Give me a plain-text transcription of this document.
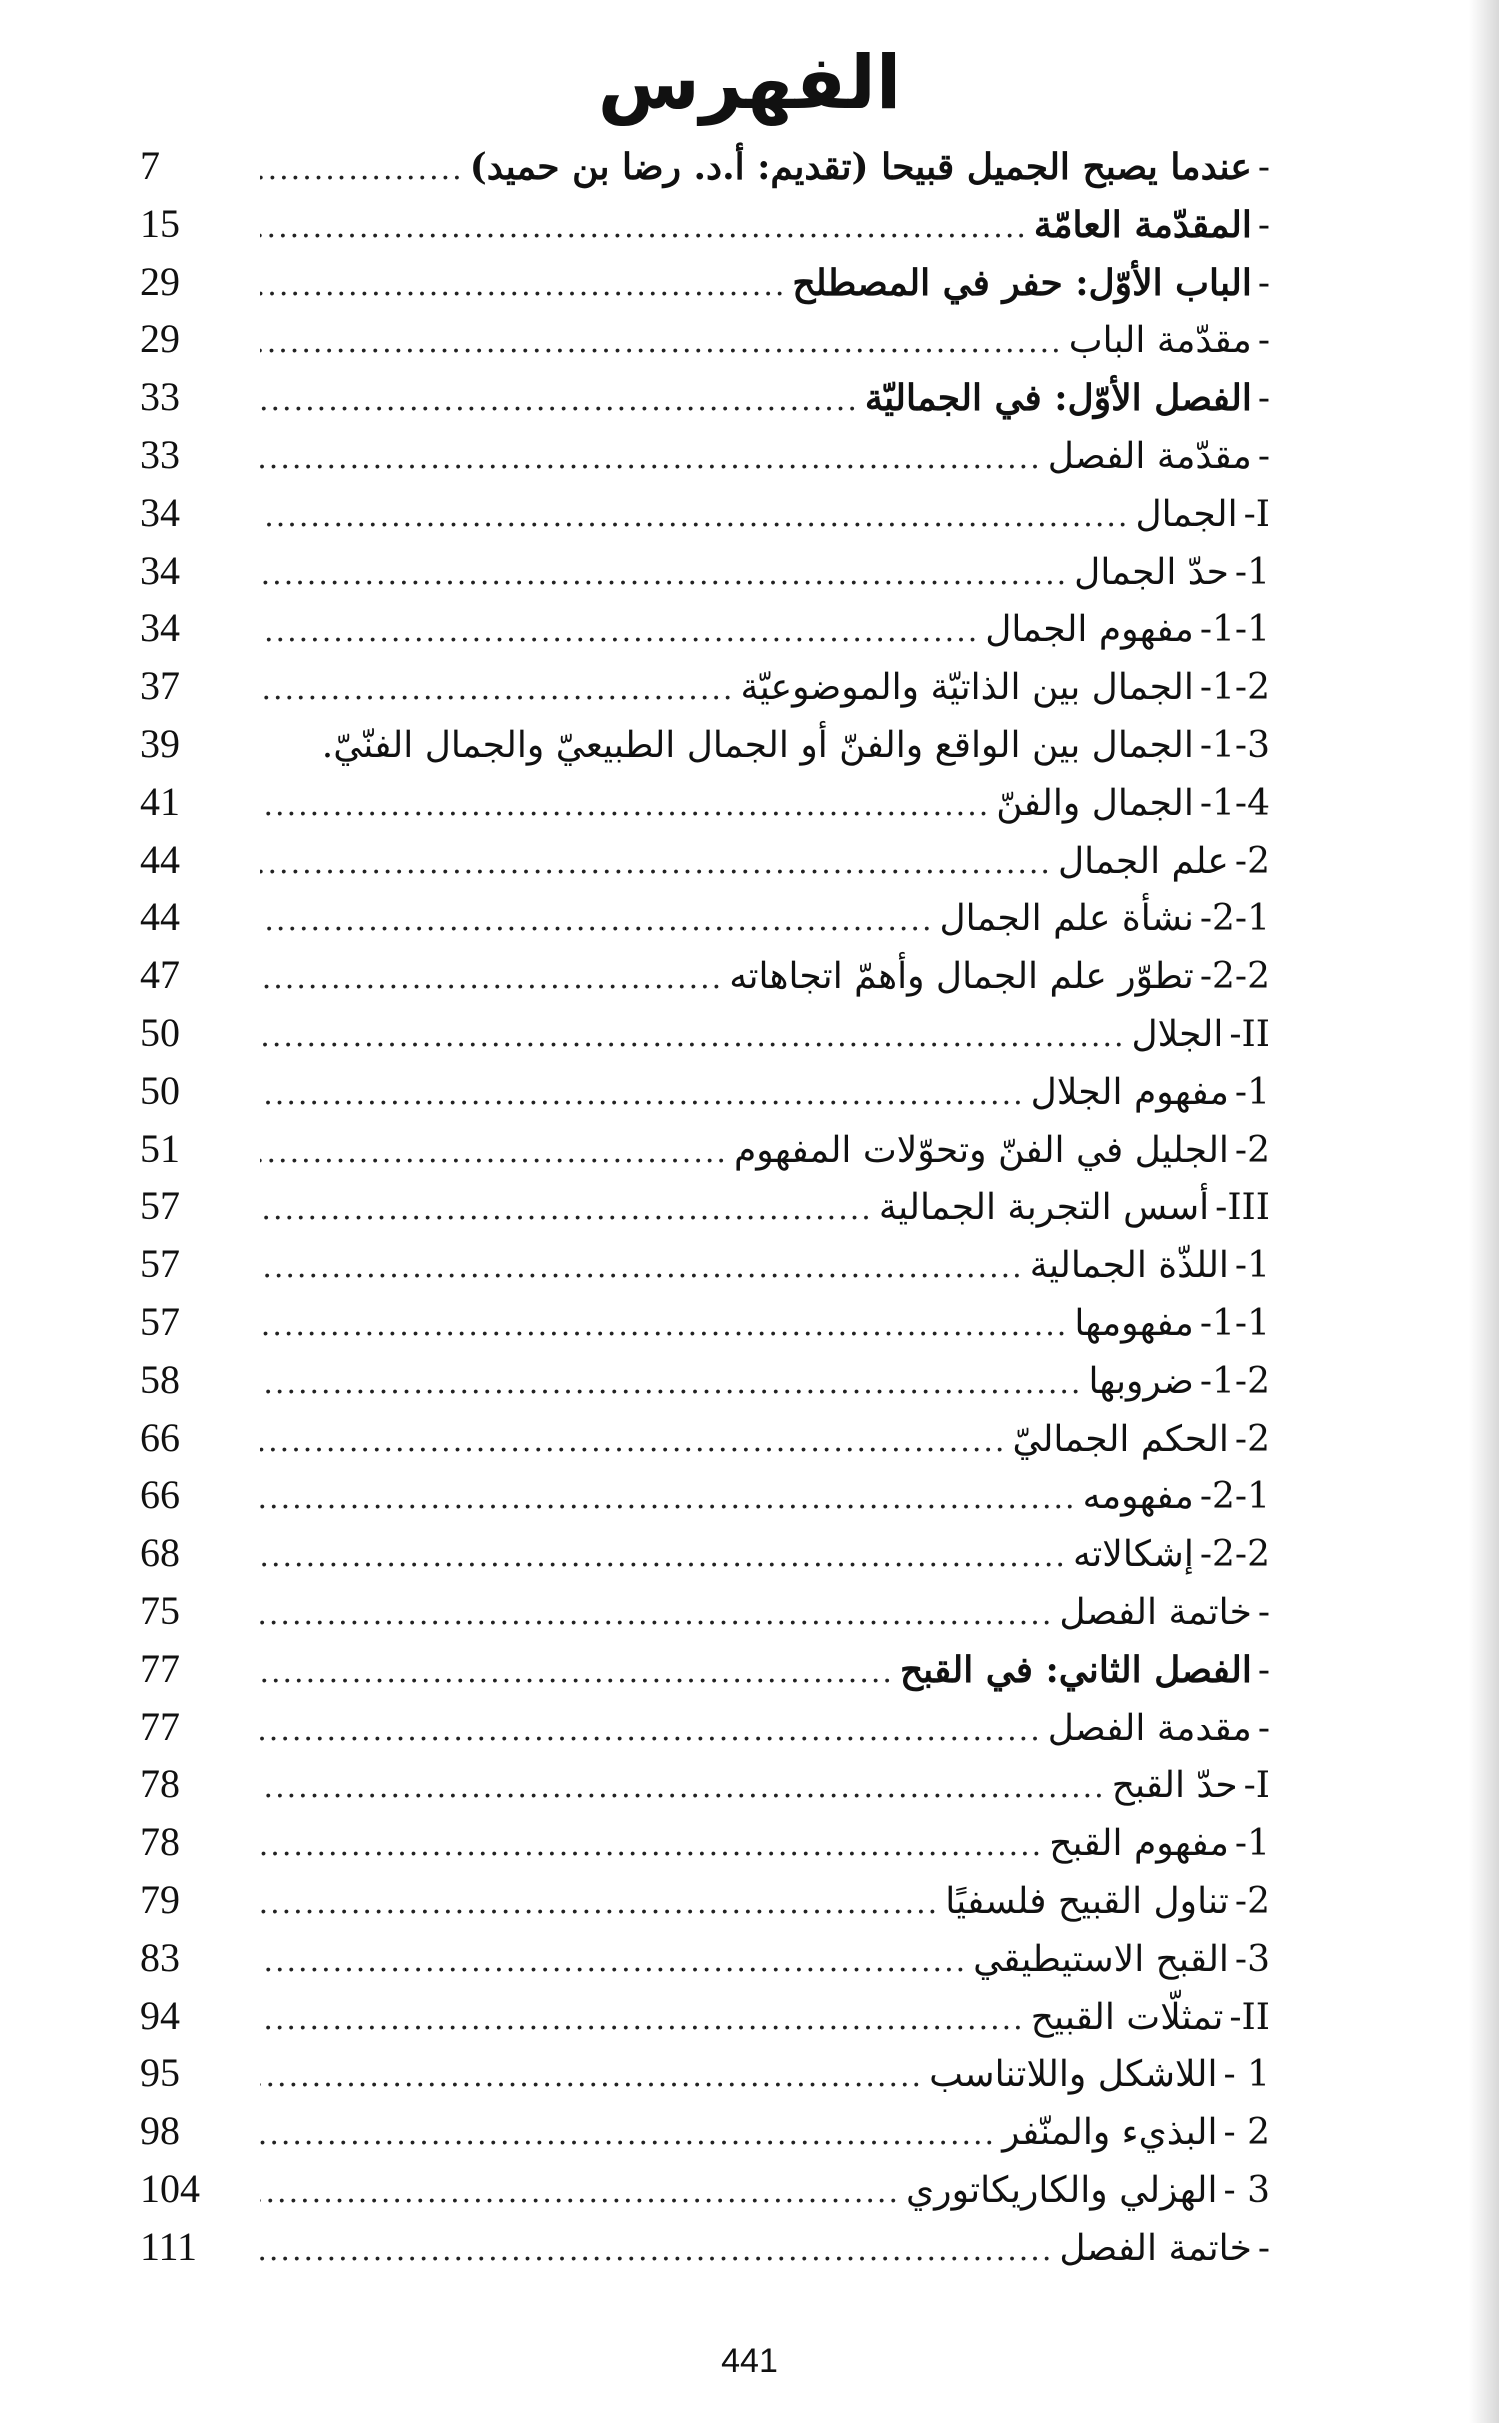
الفهرس
-
عندما يصبح الجميل قبيحا (تقديم: أ.د. رضا بن حميد)
.....
7
-
المقدّمة العامّة
.....
15
-
الباب الأوّل: حفر في المصطلح
.....
29
-
مقدّمة الباب
.....
29
-
الفصل الأوّل: في الجماليّة
.....
33
-
مقدّمة الفصل
.....
33
I-
الجمال
.....
34
1-
حدّ الجمال
.....
34
1-1-
مفهوم الجمال
.....
34
1-2-
الجمال بين الذاتيّة والموضوعيّة
.....
37
1-3-
الجمال بين الواقع والفنّ أو الجمال الطبيعيّ والجمال الفنّيّ.
39
1-4-
الجمال والفنّ
.....
41
2-
علم الجمال
.....
44
2-1-
نشأة علم الجمال
.....
44
2-2-
تطوّر علم الجمال وأهمّ اتجاهاته
.....
47
II-
الجلال
.....
50
1-
مفهوم الجلال
.....
50
2-
الجليل في الفنّ وتحوّلات المفهوم
.....
51
III-
أسس التجربة الجمالية
.....
57
1-
اللذّة الجمالية
.....
57
1-1-
مفهومها
.....
57
1-2-
ضروبها
.....
58
2-
الحكم الجماليّ
.....
66
2-1-
مفهومه
.....
66
2-2-
إشكالاته
.....
68
-
خاتمة الفصل
.....
75
-
الفصل الثاني: في القبح
.....
77
-
مقدمة الفصل
.....
77
I-
حدّ القبح
.....
78
1-
مفهوم القبح
.....
78
2-
تناول القبيح فلسفيًا
.....
79
3-
القبح الاستيطيقي
.....
83
II-
تمثلّات القبيح
.....
94
1 -
اللاشكل واللاتناسب
.....
95
2 -
البذيء والمنّفر
.....
98
3 -
الهزلي والكاريكاتوري
.....
104
-
خاتمة الفصل
.....
111
441
